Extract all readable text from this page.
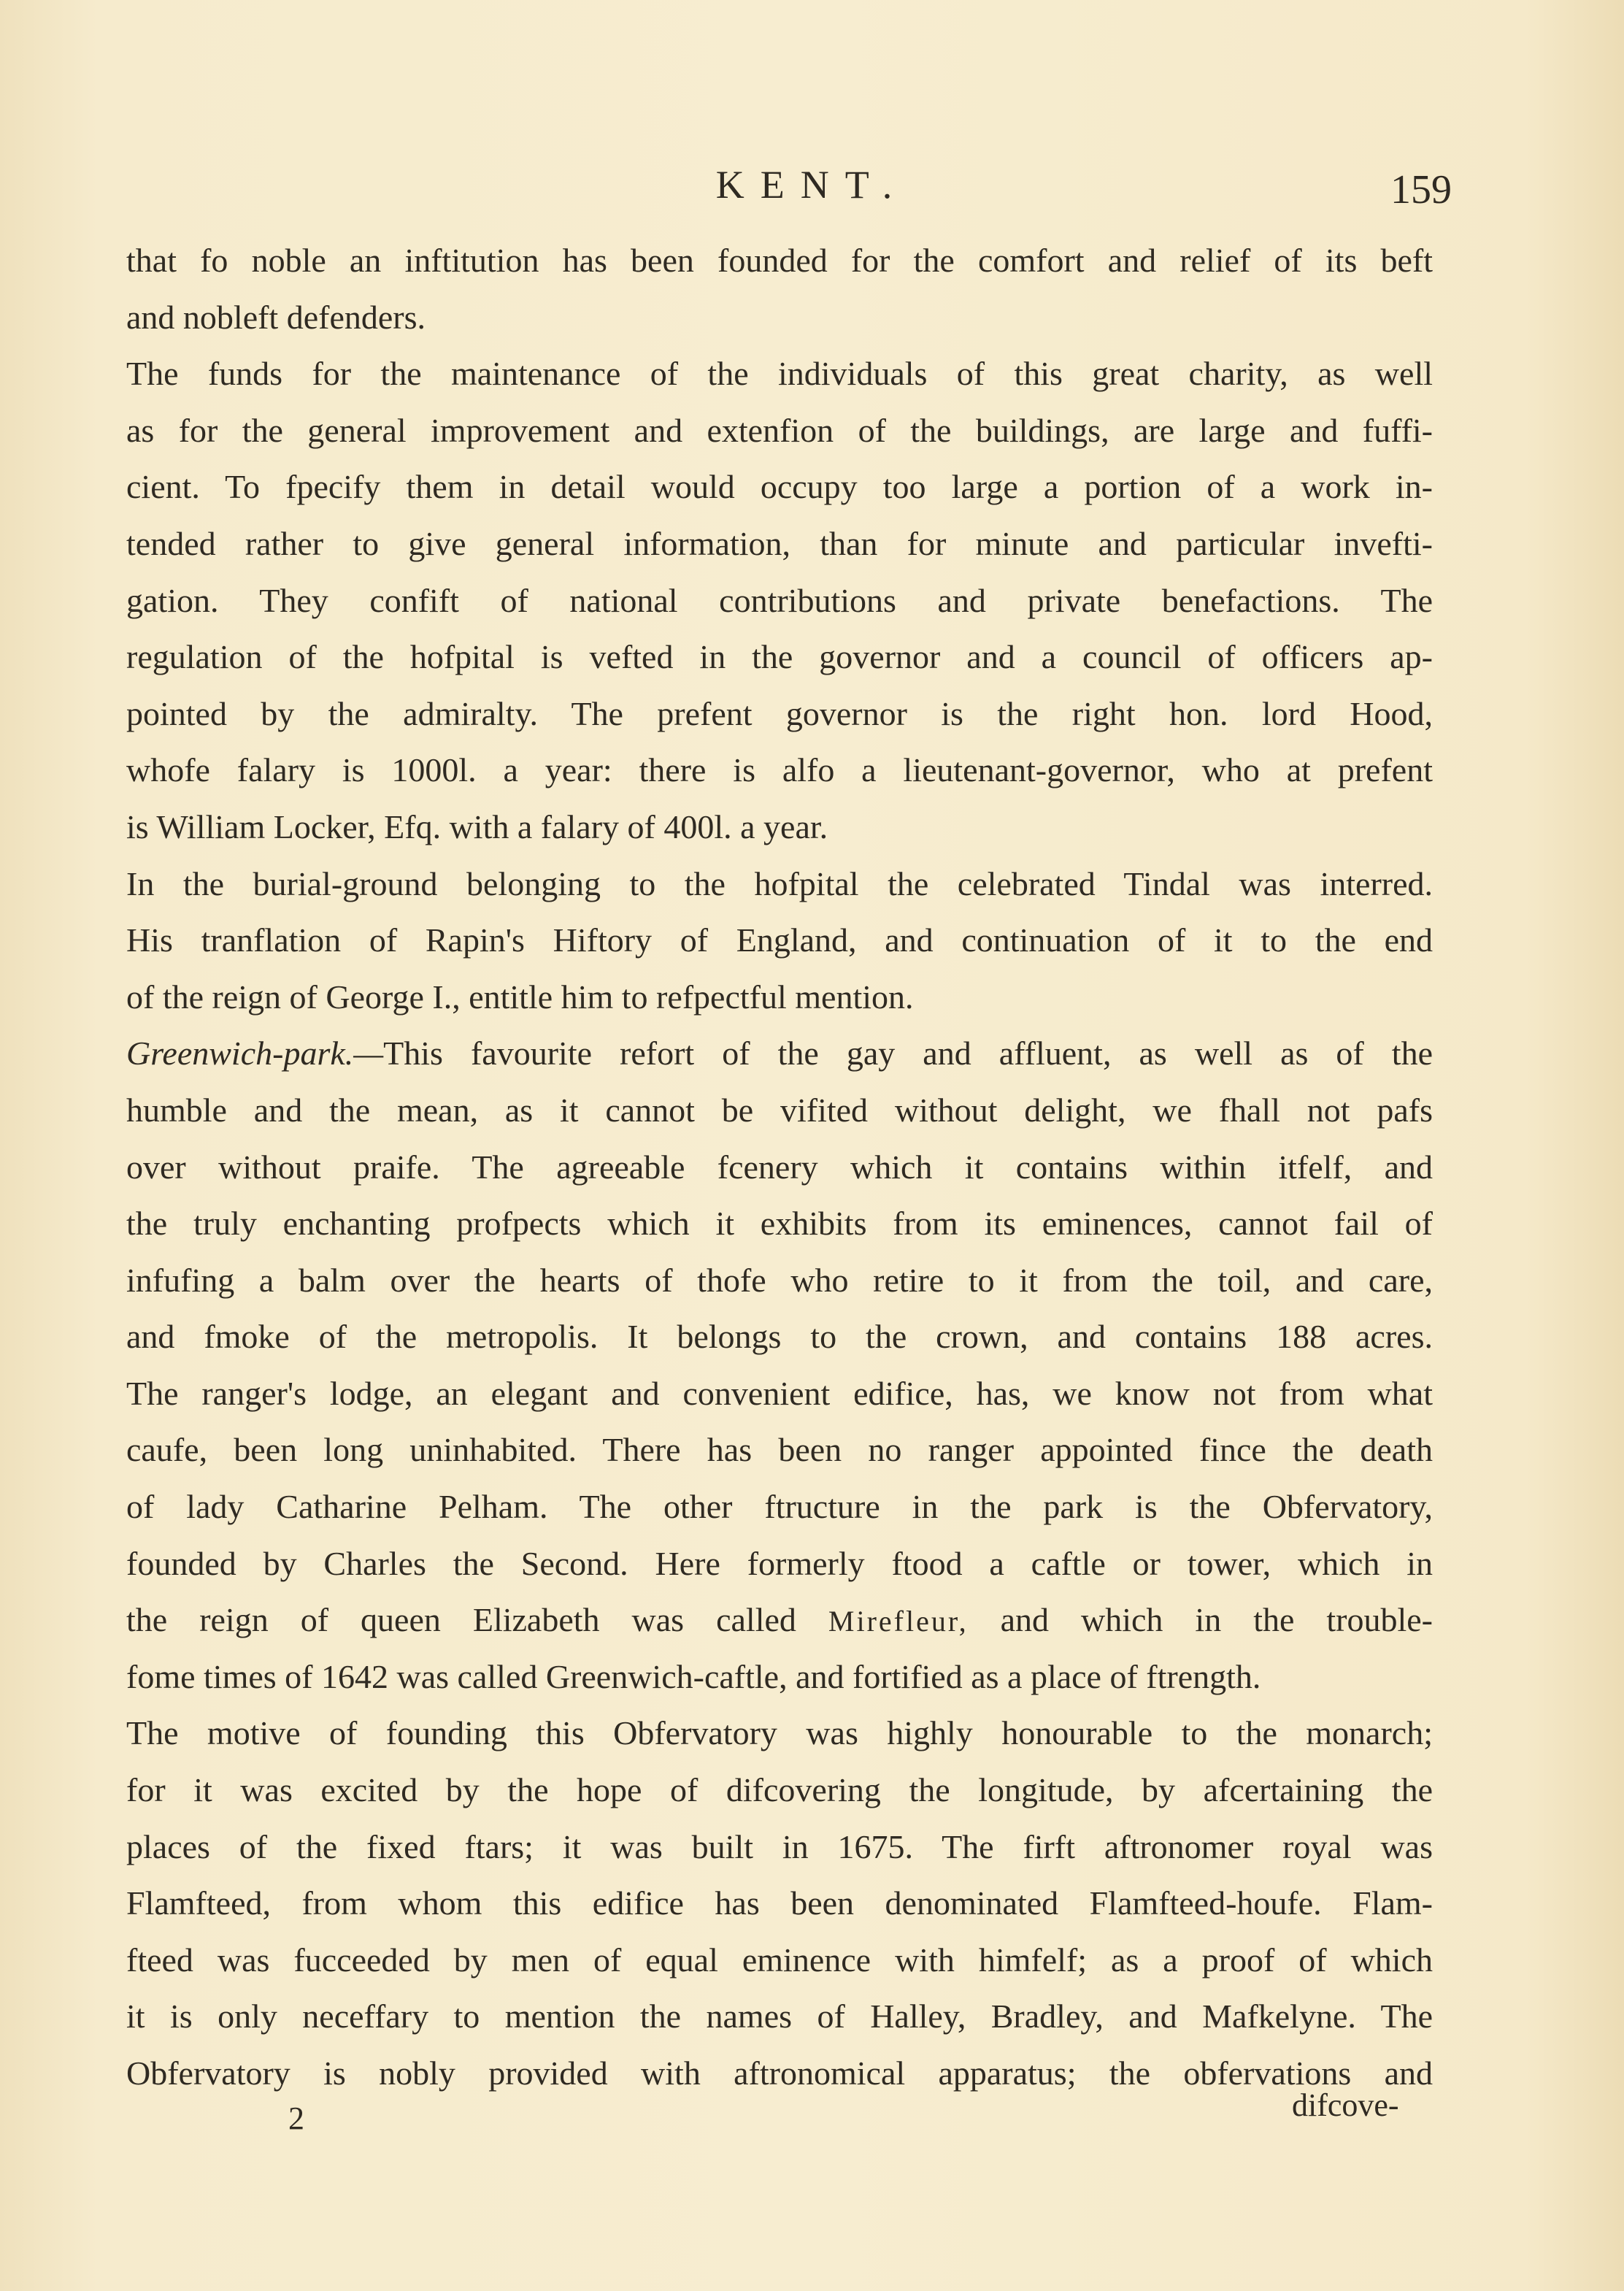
KENT.	159
that fo noble an inftitution has been founded for the comfort and relief of its beft
and nobleft defenders.
The funds for the maintenance of the individuals of this great charity, as well
as for the general improvement and extenfion of the buildings, are large and fuffi-
cient. To fpecify them in detail would occupy too large a portion of a work in-
tended rather to give general information, than for minute and particular invefti-
gation. They confift of national contributions and private benefactions. The
regulation of the hofpital is vefted in the governor and a council of officers ap-
pointed by the admiralty. The prefent governor is the right hon. lord Hood,
whofe falary is 1000l. a year: there is alfo a lieutenant-governor, who at prefent
is William Locker, Efq. with a falary of 400l. a year.
In the burial-ground belonging to the hofpital the celebrated Tindal was interred.
His tranflation of Rapin's Hiftory of England, and continuation of it to the end
of the reign of George I., entitle him to refpectful mention.
Greenwich-park.—This favourite refort of the gay and affluent, as well as of the
humble and the mean, as it cannot be vifited without delight, we fhall not pafs
over without praife. The agreeable fcenery which it contains within itfelf, and
the truly enchanting profpects which it exhibits from its eminences, cannot fail of
infufing a balm over the hearts of thofe who retire to it from the toil, and care,
and fmoke of the metropolis. It belongs to the crown, and contains 188 acres.
The ranger's lodge, an elegant and convenient edifice, has, we know not from what
caufe, been long uninhabited. There has been no ranger appointed fince the death
of lady Catharine Pelham. The other ftructure in the park is the Obfervatory,
founded by Charles the Second. Here formerly ftood a caftle or tower, which in
the reign of queen Elizabeth was called Mirefleur, and which in the trouble-
fome times of 1642 was called Greenwich-caftle, and fortified as a place of ftrength.
The motive of founding this Obfervatory was highly honourable to the monarch;
for it was excited by the hope of difcovering the longitude, by afcertaining the
places of the fixed ftars; it was built in 1675. The firft aftronomer royal was
Flamfteed, from whom this edifice has been denominated Flamfteed-houfe. Flam-
fteed was fucceeded by men of equal eminence with himfelf; as a proof of which
it is only neceffary to mention the names of Halley, Bradley, and Mafkelyne. The
Obfervatory is nobly provided with aftronomical apparatus; the obfervations and
2	difcove-
